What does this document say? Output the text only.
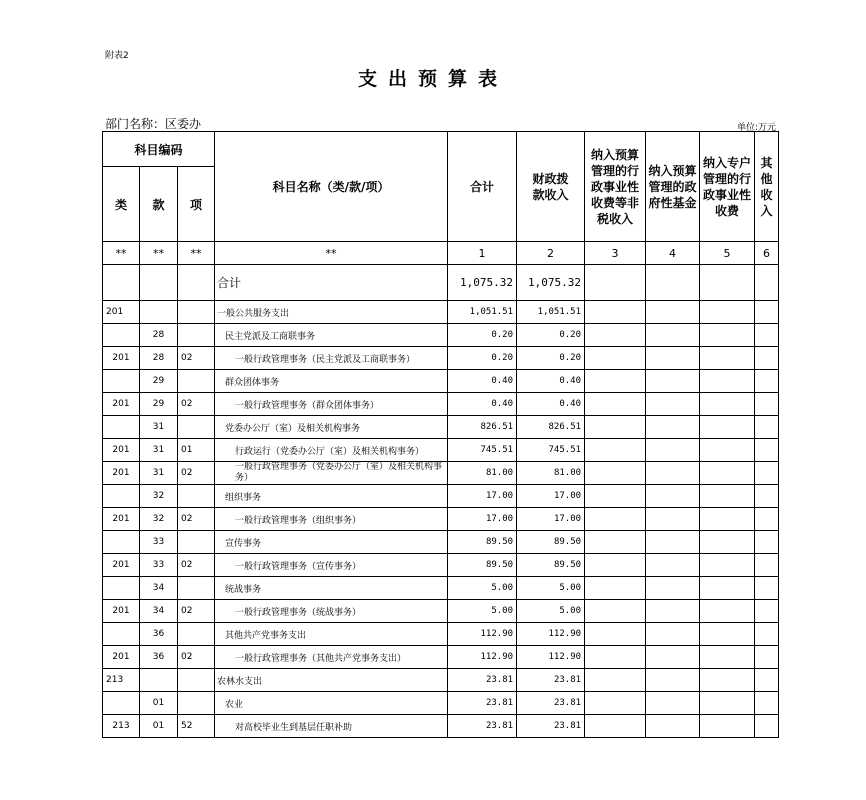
附表2
支出预算表
部门名称：区委办	单位:万元
科目编码			科目名称（类/款/项）	合计	财政拨款收入	纳入预算管理的行政事业性收费等非税收入	纳入预算管理的政府性基金	纳入专户管理的行政事业性收费	其他收入
类	款	项							
**	**	**	**	1	2	3	4	5	6
			合计	1,075.32	1,075.32				
201			一般公共服务支出	1,051.51	1,051.51				
	28		民主党派及工商联事务	0.20	0.20				
201	28	02	一般行政管理事务（民主党派及工商联事务）	0.20	0.20				
	29		群众团体事务	0.40	0.40				
201	29	02	一般行政管理事务（群众团体事务）	0.40	0.40				
	31		党委办公厅（室）及相关机构事务	826.51	826.51				
201	31	01	行政运行（党委办公厅（室）及相关机构事务）	745.51	745.51				
201	31	02	一般行政管理事务（党委办公厅（室）及相关机构事务）	81.00	81.00				
	32		组织事务	17.00	17.00				
201	32	02	一般行政管理事务（组织事务）	17.00	17.00				
	33		宣传事务	89.50	89.50				
201	33	02	一般行政管理事务（宣传事务）	89.50	89.50				
	34		统战事务	5.00	5.00				
201	34	02	一般行政管理事务（统战事务）	5.00	5.00				
	36		其他共产党事务支出	112.90	112.90				
201	36	02	一般行政管理事务（其他共产党事务支出）	112.90	112.90				
213			农林水支出	23.81	23.81				
	01		农业	23.81	23.81				
213	01	52	对高校毕业生到基层任职补助	23.81	23.81				
